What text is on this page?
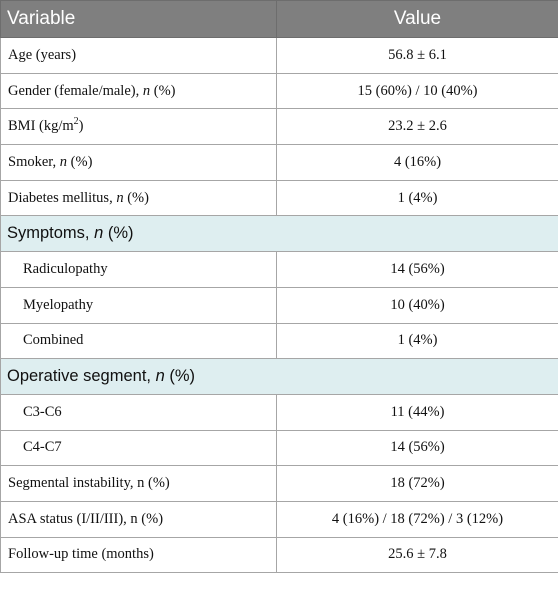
Variable	Value
Age (years)	56.8 ± 6.1
Gender (female/male), n (%)	15 (60%) / 10 (40%)
BMI $(kg/m^2)$	23.2 ± 2.6
Smoker, n (%)	4 (16%)
Diabetes mellitus, n (%)	1 (4%)
Symptoms, n (%)	
Radiculopathy	14 (56%)
Myelopathy	10 (40%)
Combined	1 (4%)
Operative segment, n (%)	
C3-C6	11 (44%)
C4-C7	14 (56%)
Segmental instability, n (%)	18 (72%)
ASA status (I/II/III), n (%)	4 (16%) / 18 (72%) / 3 (12%)
Follow-up time (months)	25.6 ± 7.8
